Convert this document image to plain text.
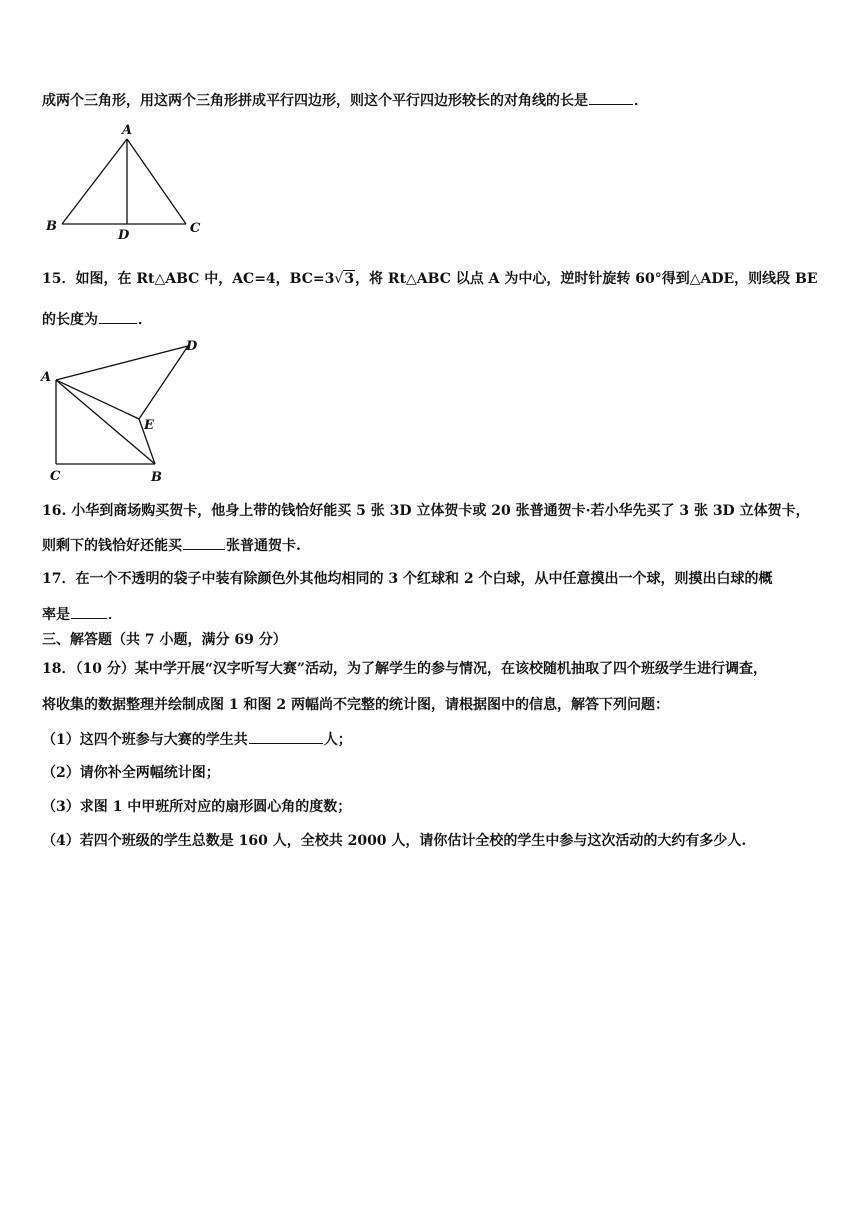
成两个三角形，用这两个三角形拼成平行四边形，则这个平行四边形较长的对角线的长是	．
A
B	C
D
15．如图，在 Rt△ABC 中，AC=4，BC=3√3，将 Rt△ABC 以点 A 为中心，逆时针旋转 60°得到△ADE，则线段 BE
的长度为	．
A
D
E
C	B
16. 小华到商场购买贺卡，他身上带的钱恰好能买 5 张 3D 立体贺卡或 20 张普通贺卡·若小华先买了 3 张 3D 立体贺卡，
则剩下的钱恰好还能买	张普通贺卡.
17．在一个不透明的袋子中装有除颜色外其他均相同的 3 个红球和 2 个白球，从中任意摸出一个球，则摸出白球的概
率是	．
三、解答题（共 7 小题，满分 69 分）
18．（10 分）某中学开展“汉字听写大赛”活动，为了解学生的参与情况，在该校随机抽取了四个班级学生进行调查，
将收集的数据整理并绘制成图 1 和图 2 两幅尚不完整的统计图，请根据图中的信息，解答下列问题：
（1）这四个班参与大赛的学生共	人；
（2）请你补全两幅统计图；
（3）求图 1 中甲班所对应的扇形圆心角的度数；
（4）若四个班级的学生总数是 160 人，全校共 2000 人，请你估计全校的学生中参与这次活动的大约有多少人.
